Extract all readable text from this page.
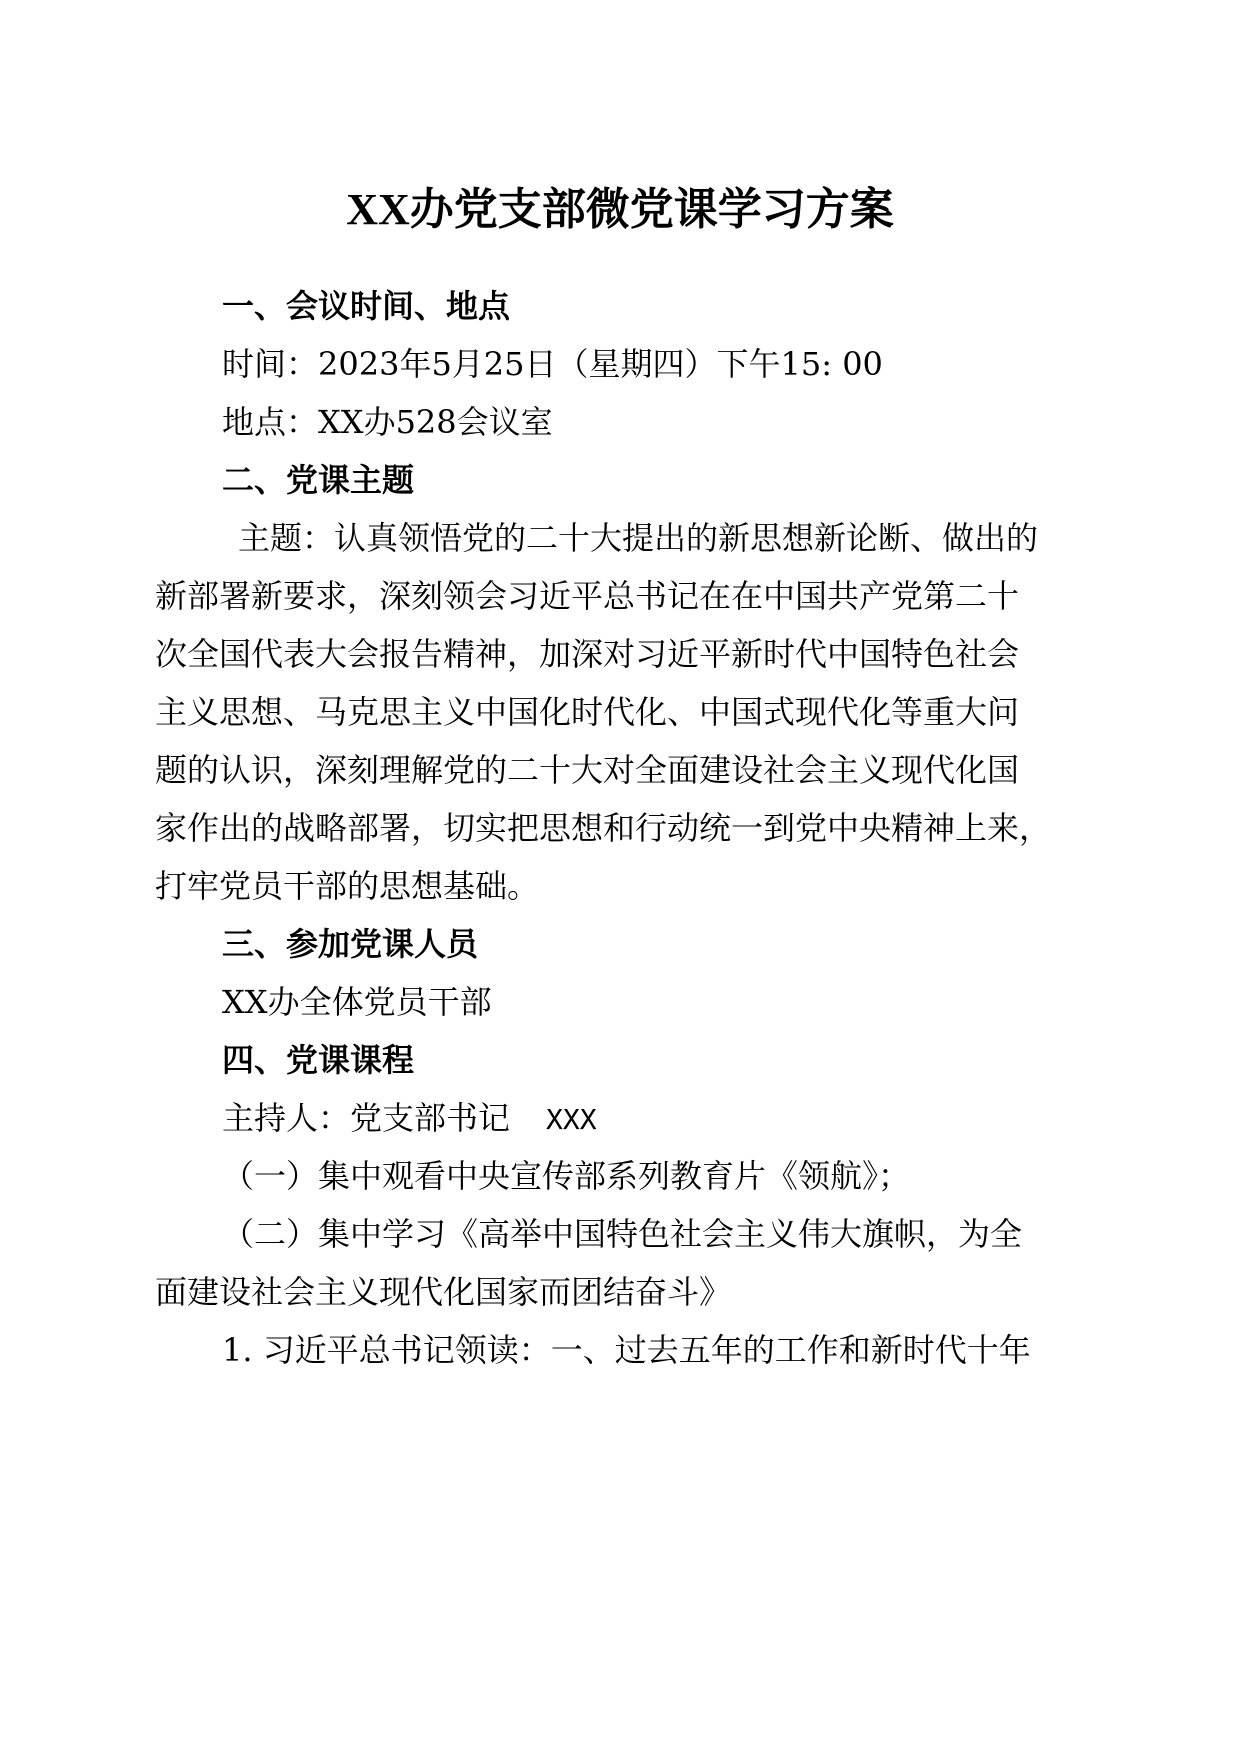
XX办党支部微党课学习方案
一、会议时间、地点
时间：2023年5月25日（星期四）下午15: 00
地点：XX办528会议室
二、党课主题
主题：认真领悟党的二十大提出的新思想新论断、做出的
新部署新要求，深刻领会习近平总书记在在中国共产党第二十
次全国代表大会报告精神，加深对习近平新时代中国特色社会
主义思想、马克思主义中国化时代化、中国式现代化等重大问
题的认识，深刻理解党的二十大对全面建设社会主义现代化国
家作出的战略部署，切实把思想和行动统一到党中央精神上来，
打牢党员干部的思想基础。
三、参加党课人员
XX办全体党员干部
四、党课课程
主持人：党支部书记 XXX
（一）集中观看中央宣传部系列教育片《领航》；
（二）集中学习《高举中国特色社会主义伟大旗帜，为全
面建设社会主义现代化国家而团结奋斗》
1. 习近平总书记领读：一、过去五年的工作和新时代十年
